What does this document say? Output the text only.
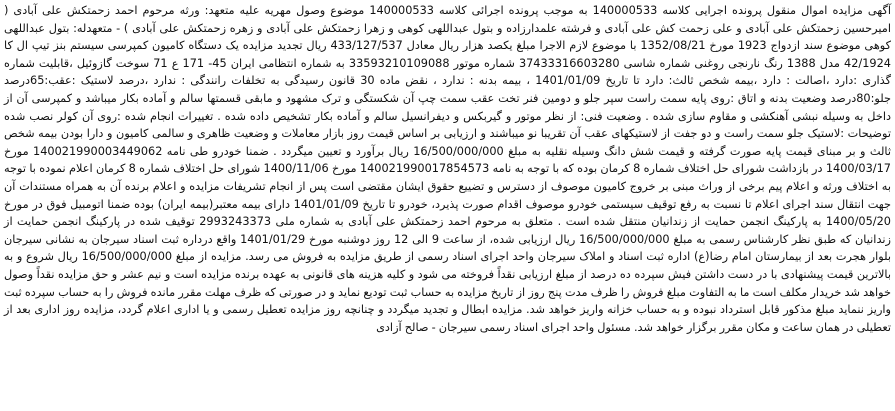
آگهی مزایده اموال منقول پرونده اجرایی کلاسه 140000533 به موجب پرونده اجرائی کلاسه 140000533 موضوع وصول مهریه علیه متعهد: ورثه مرحوم احمد زحمتکش علی آبادی ( امیرحسین زحمتکش علی آبادی و علی زحمت کش علی آبادی و فرشته علمدارزاده و بتول عبداللهی کوهی و زهرا زحمتکش علی آبادی و زهره زحمتکش علی آبادی ) - متعهدله: بتول عبداللهی کوهی موضوع سند ازدواج 1923 مورخ 1352/08/21 با موضوع لازم الاجرا مبلغ یکصد هزار ریال معادل 433/127/537 ریال تجدید مزایده یک دستگاه کامیون کمپرسی سیستم بنز تیپ ال کا 42/1924 مدل 1388 رنگ نارنجی روغنی شماره شاسی 37433316603280 شماره موتور 33593210109088 به شماره انتظامی ایران 45- 171 ع 71 سوخت گازوئیل ،قابلیت شماره گذاری :دارد ،اصالت : دارد ،بیمه شخص ثالث: دارد تا تاریخ 1401/01/09 ، بیمه بدنه : ندارد ، نقض ماده 30 قانون رسیدگی به تخلفات رانندگی : ندارد ،درصد لاستیک :عقب:65درصد جلو:80درصد وضعیت بدنه و اتاق :روی پایه سمت راست سپر جلو و دومین فنر تخت عقب سمت چپ آن شکستگی و ترک مشهود و مابقی قسمتها سالم و آماده بکار میباشد و کمپرسی آن از داخل به وسیله نبشی آهنکشی و مقاوم سازی شده . وضعیت فنی: از نظر موتور و گیربکس و دیفرانسیل سالم و آماده بکار تشخیص داده شده . تغییرات انجام شده :روی آن کولر نصب شده توضیحات :لاستیک جلو سمت راست و دو جفت از لاستیکهای عقب آن تقریبا نو میباشند و ارزیابی بر اساس قیمت روز بازار معاملات و وضعیت ظاهری و سالمی کامیون و دارا بودن بیمه شخص ثالث و بر مبنای قیمت پایه صورت گرفته و قیمت شش دانگ وسیله نقلیه به مبلغ 16/500/000/000 ریال برآورد و تعیین میگردد . ضمنا خودرو طی نامه 140021990003449062 مورخ 1400/03/17 در بازداشت شورای حل اختلاف شماره 8 کرمان بوده که با توجه به نامه 140021990017854573 مورخ 1400/11/06 شورای حل اختلاف شماره 8 کرمان اعلام نموده با توجه به اختلاف ورثه و اعلام پیم برخی از وراث مبنی بر خروج کامیون موصوف از دسترس و تضییع حقوق ایشان مقتضی است پس از انجام تشریفات مزایده و اعلام برنده آن به همراه مستندات آن جهت انتقال سند اجرای اعلام تا نسبت به رفع توقیف سیستمی خودرو موصوف اقدام صورت پذیرد، خودرو تا تاریخ 1401/01/09 دارای بیمه معتبر(بیمه ایران) بوده ضمنا اتومبیل فوق در مورخ 1400/05/20 به پارکینگ انجمن حمایت از زندانیان منتقل شده است . متعلق به مرحوم احمد زحمتکش علی آبادی به شماره ملی 2993243373 توقیف شده در پارکینگ انجمن حمایت از زندانیان که طبق نظر کارشناس رسمی به مبلغ 16/500/000/000 ریال ارزیابی شده، از ساعت 9 الی 12 روز دوشنبه مورخ 1401/01/29 واقع درداره ثبت اسناد سیرجان به نشانی سیرجان بلوار هجرت بعد از بیمارستان امام رضا(ع) اداره ثبت اسناد و املاک سیرجان واحد اجرای اسناد رسمی از طریق مزایده به فروش می رسد. مزایده از مبلغ 16/500/000/000 ریال شروع و به بالاترین قیمت پیشنهادی با در دست داشتن فیش سپرده ده درصد از مبلغ ارزیابی نقداً فروخته می شود و کلیه هزینه های قانونی به عهده برنده مزایده است و نیم عشر و حق مزایده نقداً وصول خواهد شد خریدار مکلف است ما به التفاوت مبلغ فروش را ظرف مدت پنج روز از تاریخ مزایده به حساب ثبت تودیع نماید و در صورتی که ظرف مهلت مقرر مانده فروش را به حساب سپرده ثبت واریز ننماید مبلغ مذکور قابل استرداد نبوده و به حساب خزانه واریز خواهد شد. مزایده ابطال و تجدید میگردد و چنانچه روز مزایده تعطیل رسمی و یا اداری اعلام گردد، مزایده روز اداری بعد از تعطیلی در همان ساعت و مکان مقرر برگزار خواهد شد. مسئول واحد اجرای اسناد رسمی سیرجان - صالح آزادی
